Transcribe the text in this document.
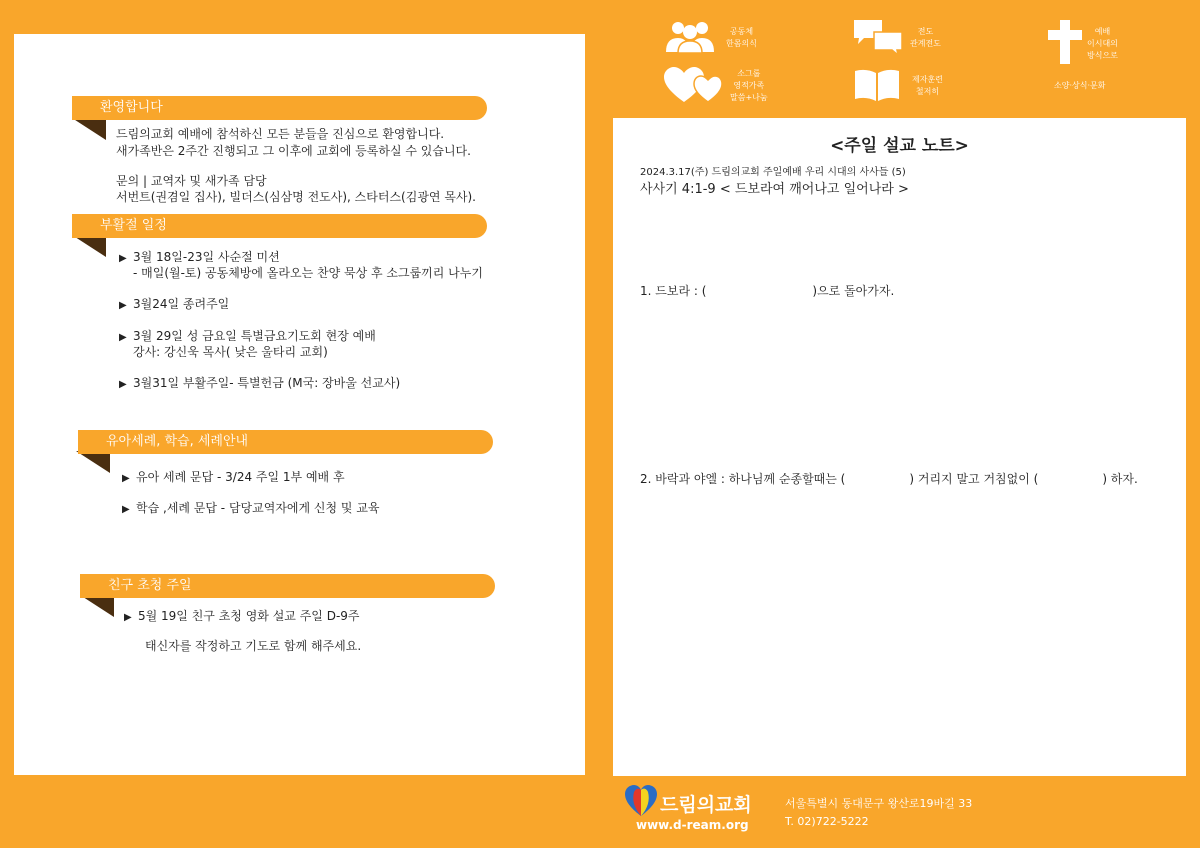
환영합니다
드림의교회 예배에 참석하신 모든 분들을 진심으로 환영합니다.
새가족반은 2주간 진행되고 그 이후에 교회에 등록하실 수 있습니다.
문의 | 교역자 및 새가족 담당
서번트(권겸일 집사), 빌더스(심삼명 전도사), 스타터스(김광연 목사).
부활절 일정
▶ 3월 18일-23일 사순절 미션
- 매일(월-토) 공동체방에 올라오는 찬양 묵상 후 소그룹끼리 나누기
▶ 3월24일 종려주일
▶ 3월 29일 성 금요일 특별금요기도회 현장 예배
강사: 강신욱 목사( 낮은 울타리 교회)
▶ 3월31일 부활주일- 특별헌금 (M국: 장바울 선교사)
유아세례, 학습, 세례안내
▶ 유아 세례 문답 - 3/24 주일 1부 예배 후
▶ 학습 ,세례 문답 - 담당교역자에게 신청 및 교육
친구 초청 주일
▶ 5월 19일 친구 초청 영화 설교 주일 D-9주
태신자를 작정하고 기도로 함께 해주세요.
공동체
한몸의식
전도
관계전도
예배
이시대의
방식으로
소그룹
영적가족
말씀+나눔
제자훈련
철저히
소양·상식·문화
<주일 설교 노트>
2024.3.17(주) 드림의교회 주일예배 우리 시대의 사사들 (5)
사사기 4:1-9 < 드보라여 깨어나고 일어나라 >
1. 드보라 : (	)으로 돌아가자.
2. 바락과 야엘 : 하나님께 순종할때는 (	) 거리지 말고 거침없이 (	) 하자.
드림의교회
www.d-ream.org
서울특별시 동대문구 왕산로19바길 33
T. 02)722-5222
